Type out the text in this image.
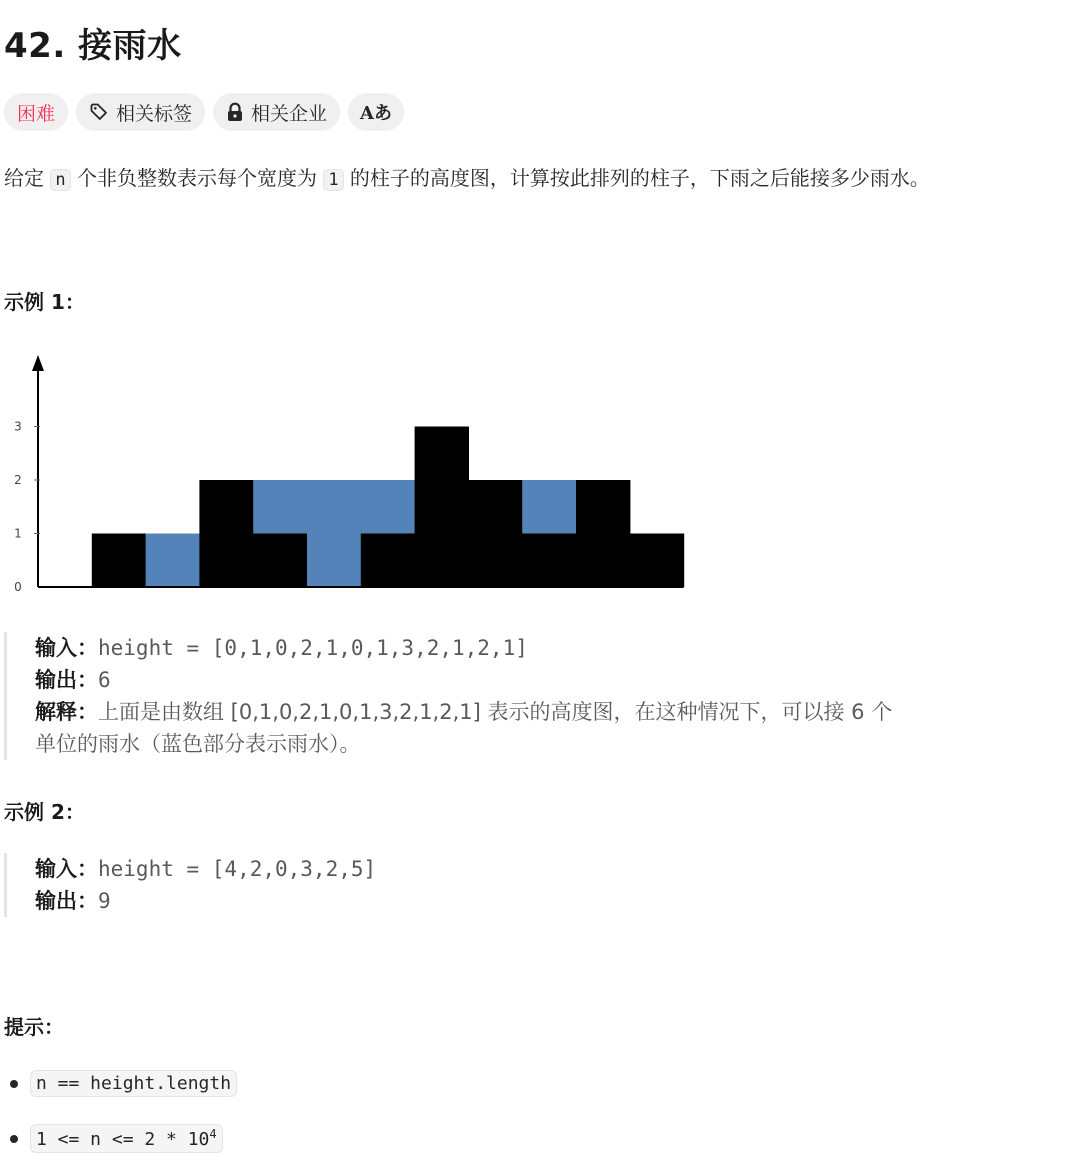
42. 接雨水
困难	相关标签	相关企业 Aあ
给定 n 个非负整数表示每个宽度为 1 的柱子的高度图，计算按此排列的柱子，下雨之后能接多少雨水。
示例 1：
0
1
2
3
输入：height = [0,1,0,2,1,0,1,3,2,1,2,1]
输出：6
解释：上面是由数组 [0,1,0,2,1,0,1,3,2,1,2,1] 表示的高度图，在这种情况下，可以接 6 个
单位的雨水（蓝色部分表示雨水）。
示例 2：
输入：height = [4,2,0,3,2,5]
输出：9
提示：
n == height.length
$1 <= n <= 2 * 10^4$
